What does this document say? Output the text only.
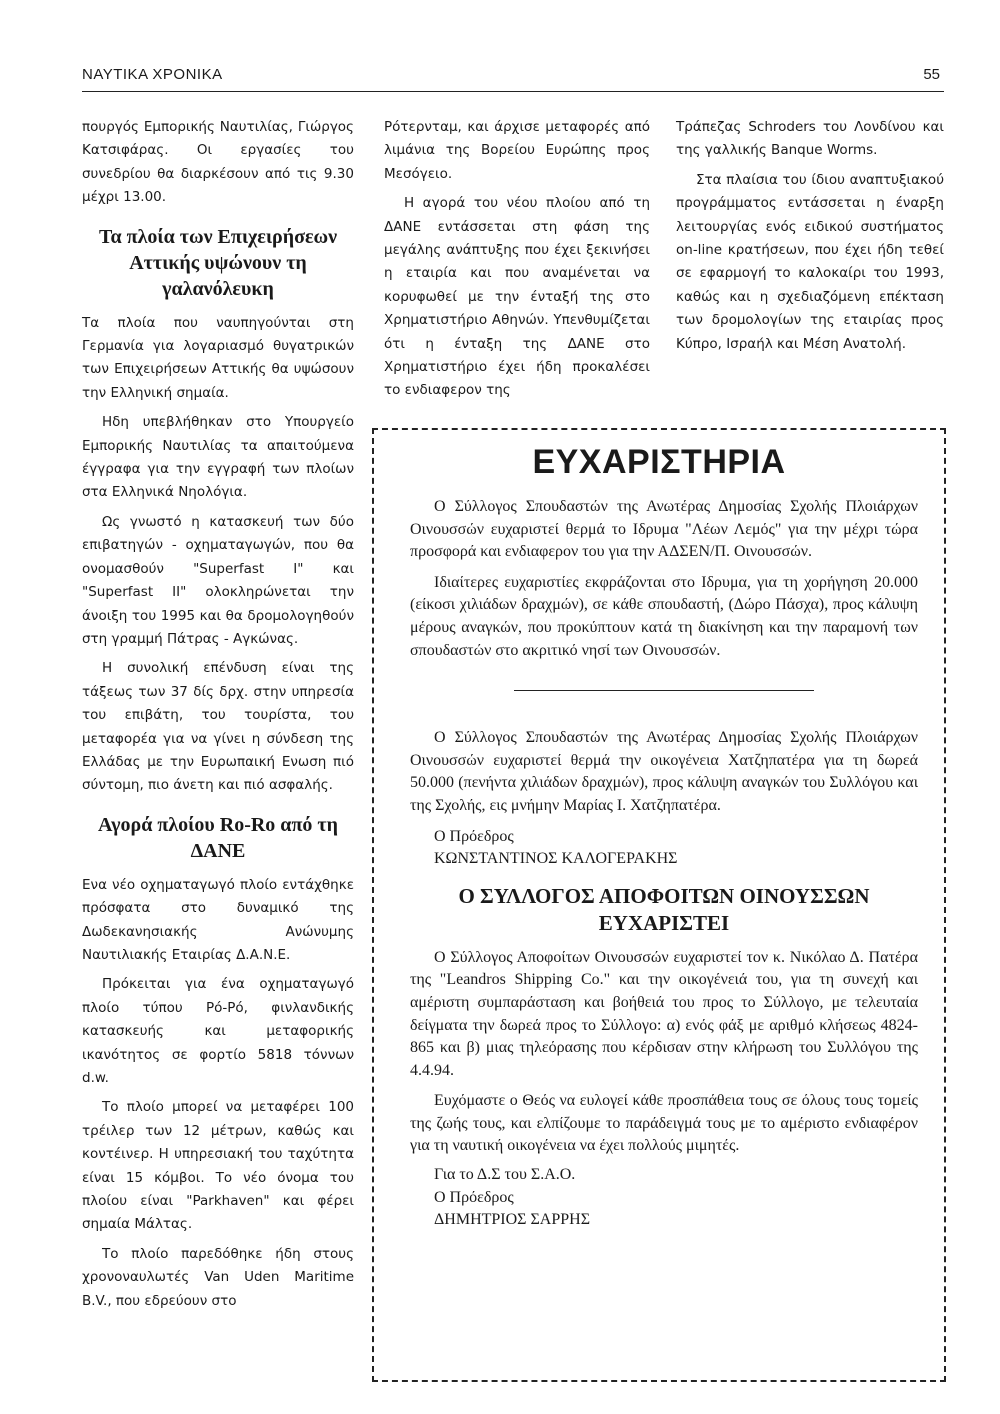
ΝΑΥΤΙΚΑ ΧΡΟΝΙΚΑ	55

πουργός Εμπορικής Ναυτιλίας, Γιώργος Κατσιφάρας. Οι εργασίες του συνεδρίου θα διαρκέσουν από τις 9.30 μέχρι 13.00.

Τα πλοία των Επιχειρήσεων Αττικής υψώνουν τη γαλανόλευκη

Τα πλοία που ναυπηγούνται στη Γερμανία για λογαριασμό θυγατρικών των Επιχειρήσεων Αττικής θα υψώσουν την Ελληνική σημαία.

Ηδη υπεβλήθηκαν στο Υπουργείο Εμπορικής Ναυτιλίας τα απαιτούμενα έγγραφα για την εγγραφή των πλοίων στα Ελληνικά Νηολόγια.

Ως γνωστό η κατασκευή των δύο επιβατηγών - οχηματαγωγών, που θα ονομασθούν "Superfast I" και "Superfast II" ολοκληρώνεται την άνοιξη του 1995 και θα δρομολογηθούν στη γραμμή Πάτρας - Αγκώνας.

Η συνολική επένδυση είναι της τάξεως των 37 δίς δρχ. στην υπηρεσία του επιβάτη, του τουρίστα, του μεταφορέα για να γίνει η σύνδεση της Ελλάδας με την Ευρωπαική Ενωση πιό σύντομη, πιο άνετη και πιό ασφαλής.

Αγορά πλοίου Ro-Ro από τη ΔΑΝΕ

Ενα νέο οχηματαγωγό πλοίο εντάχθηκε πρόσφατα στο δυναμικό της Δωδεκανησιακής Ανώνυμης Ναυτιλιακής Εταιρίας Δ.Α.Ν.Ε.

Πρόκειται για ένα οχηματαγωγό πλοίο τύπου Ρό-Ρό, φινλανδικής κατασκευής και μεταφορικής ικανότητος σε φορτίο 5818 τόννων d.w.

Το πλοίο μπορεί να μεταφέρει 100 τρέιλερ των 12 μέτρων, καθώς και κοντέινερ. Η υπηρεσιακή του ταχύτητα είναι 15 κόμβοι. Το νέο όνομα του πλοίου είναι "Parkhaven" και φέρει σημαία Μάλτας.

Το πλοίο παρεδόθηκε ήδη στους χρονοναυλωτές Van Uden Maritime B.V., που εδρεύουν στο

Ρότερνταμ, και άρχισε μεταφορές από λιμάνια της Βορείου Ευρώπης προς Μεσόγειο.

Η αγορά του νέου πλοίου από τη ΔΑΝΕ εντάσσεται στη φάση της μεγάλης ανάπτυξης που έχει ξεκινήσει η εταιρία και που αναμένεται να κορυφωθεί με την ένταξή της στο Χρηματιστήριο Αθηνών. Υπενθυμίζεται ότι η ένταξη της ΔΑΝΕ στο Χρηματιστήριο έχει ήδη προκαλέσει το ενδιαφερον της

Τράπεζας Schroders του Λονδίνου και της γαλλικής Banque Worms.

Στα πλαίσια του ίδιου αναπτυξιακού προγράμματος εντάσσεται η έναρξη λειτουργίας ενός ειδικού συστήματος on-line κρατήσεων, που έχει ήδη τεθεί σε εφαρμογή το καλοκαίρι του 1993, καθώς και η σχεδιαζόμενη επέκταση των δρομολογίων της εταιρίας προς Κύπρο, Ισραήλ και Μέση Ανατολή.

ΕΥΧΑΡΙΣΤΗΡΙΑ

Ο Σύλλογος Σπουδαστών της Ανωτέρας Δημοσίας Σχολής Πλοιάρχων Οινουσσών ευχαριστεί θερμά το Ιδρυμα "Λέων Λεμός" για την μέχρι τώρα προσφορά και ενδιαφερον του για την ΑΔΣΕΝ/Π. Οινουσσών.

Ιδιαίτερες ευχαριστίες εκφράζονται στο Ιδρυμα, για τη χορήγηση 20.000 (είκοσι χιλιάδων δραχμών), σε κάθε σπουδαστή, (Δώρο Πάσχα), προς κάλυψη μέρους αναγκών, που προκύπτουν κατά τη διακίνηση και την παραμονή των σπουδαστών στο ακριτικό νησί των Οινουσσών.

Ο Σύλλογος Σπουδαστών της Ανωτέρας Δημοσίας Σχολής Πλοιάρχων Οινουσσών ευχαριστεί θερμά την οικογένεια Χατζηπατέρα για τη δωρεά 50.000 (πενήντα χιλιάδων δραχμών), προς κάλυψη αναγκών του Συλλόγου και της Σχολής, εις μνήμην Μαρίας Ι. Χατζηπατέρα.

Ο Πρόεδρος

ΚΩΝΣΤΑΝΤΙΝΟΣ ΚΑΛΟΓΕΡΑΚΗΣ

Ο ΣΥΛΛΟΓΟΣ ΑΠΟΦΟΙΤΩΝ ΟΙΝΟΥΣΣΩΝ ΕΥΧΑΡΙΣΤΕΙ

Ο Σύλλογος Αποφοίτων Οινουσσών ευχαριστεί τον κ. Νικόλαο Δ. Πατέρα της "Leandros Shipping Co." και την οικογένειά του, για τη συνεχή και αμέριστη συμπαράσταση και βοήθειά του προς το Σύλλογο, με τελευταία δείγματα την δωρεά προς το Σύλλογο: α) ενός φάξ με αριθμό κλήσεως 4824-865 και β) μιας τηλεόρασης που κέρδισαν στην κλήρωση του Συλλόγου της 4.4.94.

Ευχόμαστε ο Θεός να ευλογεί κάθε προσπάθεια τους σε όλους τους τομείς της ζωής τους, και ελπίζουμε το παράδειγμά τους με το αμέριστο ενδιαφέρον για τη ναυτική οικογένεια να έχει πολλούς μιμητές.

Για το Δ.Σ του Σ.Α.Ο.

Ο Πρόεδρος

ΔΗΜΗΤΡΙΟΣ ΣΑΡΡΗΣ
